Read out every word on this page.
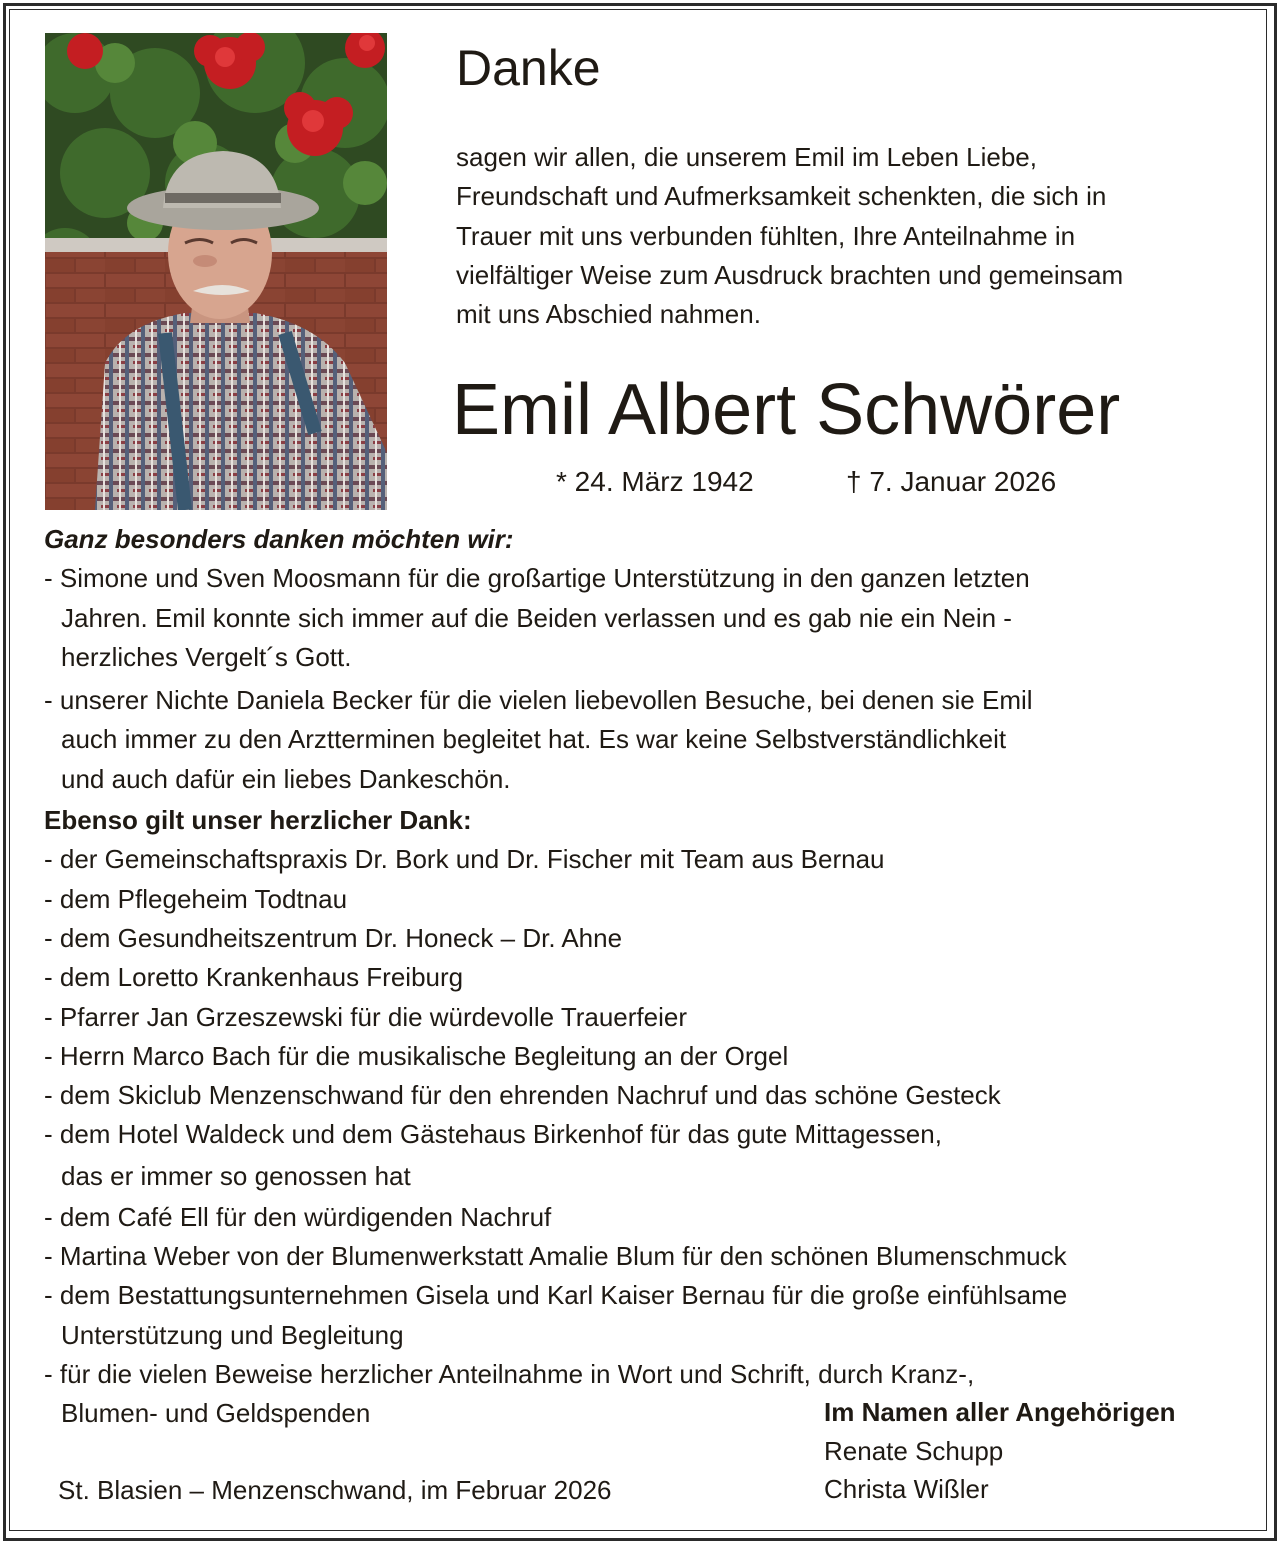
Danke
sagen wir allen, die unserem Emil im Leben Liebe,
Freundschaft und Aufmerksamkeit schenkten, die sich in
Trauer mit uns verbunden fühlten, Ihre Anteilnahme in
vielfältiger Weise zum Ausdruck brachten und gemeinsam
mit uns Abschied nahmen.
Emil Albert Schwörer
* 24. März 1942	† 7. Januar 2026
Ganz besonders danken möchten wir:
- Simone und Sven Moosmann für die großartige Unterstützung in den ganzen letzten
Jahren. Emil konnte sich immer auf die Beiden verlassen und es gab nie ein Nein -
herzliches Vergelt´s Gott.
- unserer Nichte Daniela Becker für die vielen liebevollen Besuche, bei denen sie Emil
auch immer zu den Arztterminen begleitet hat. Es war keine Selbstverständlichkeit
und auch dafür ein liebes Dankeschön.
Ebenso gilt unser herzlicher Dank:
- der Gemeinschaftspraxis Dr. Bork und Dr. Fischer mit Team aus Bernau
- dem Pflegeheim Todtnau
- dem Gesundheitszentrum Dr. Honeck – Dr. Ahne
- dem Loretto Krankenhaus Freiburg
- Pfarrer Jan Grzeszewski für die würdevolle Trauerfeier
- Herrn Marco Bach für die musikalische Begleitung an der Orgel
- dem Skiclub Menzenschwand für den ehrenden Nachruf und das schöne Gesteck
- dem Hotel Waldeck und dem Gästehaus Birkenhof für das gute Mittagessen,
das er immer so genossen hat
- dem Café Ell für den würdigenden Nachruf
- Martina Weber von der Blumenwerkstatt Amalie Blum für den schönen Blumenschmuck
- dem Bestattungsunternehmen Gisela und Karl Kaiser Bernau für die große einfühlsame
Unterstützung und Begleitung
- für die vielen Beweise herzlicher Anteilnahme in Wort und Schrift, durch Kranz-,
Blumen- und Geldspenden	Im Namen aller Angehörigen
Renate Schupp
Christa Wißler
St. Blasien – Menzenschwand, im Februar 2026
